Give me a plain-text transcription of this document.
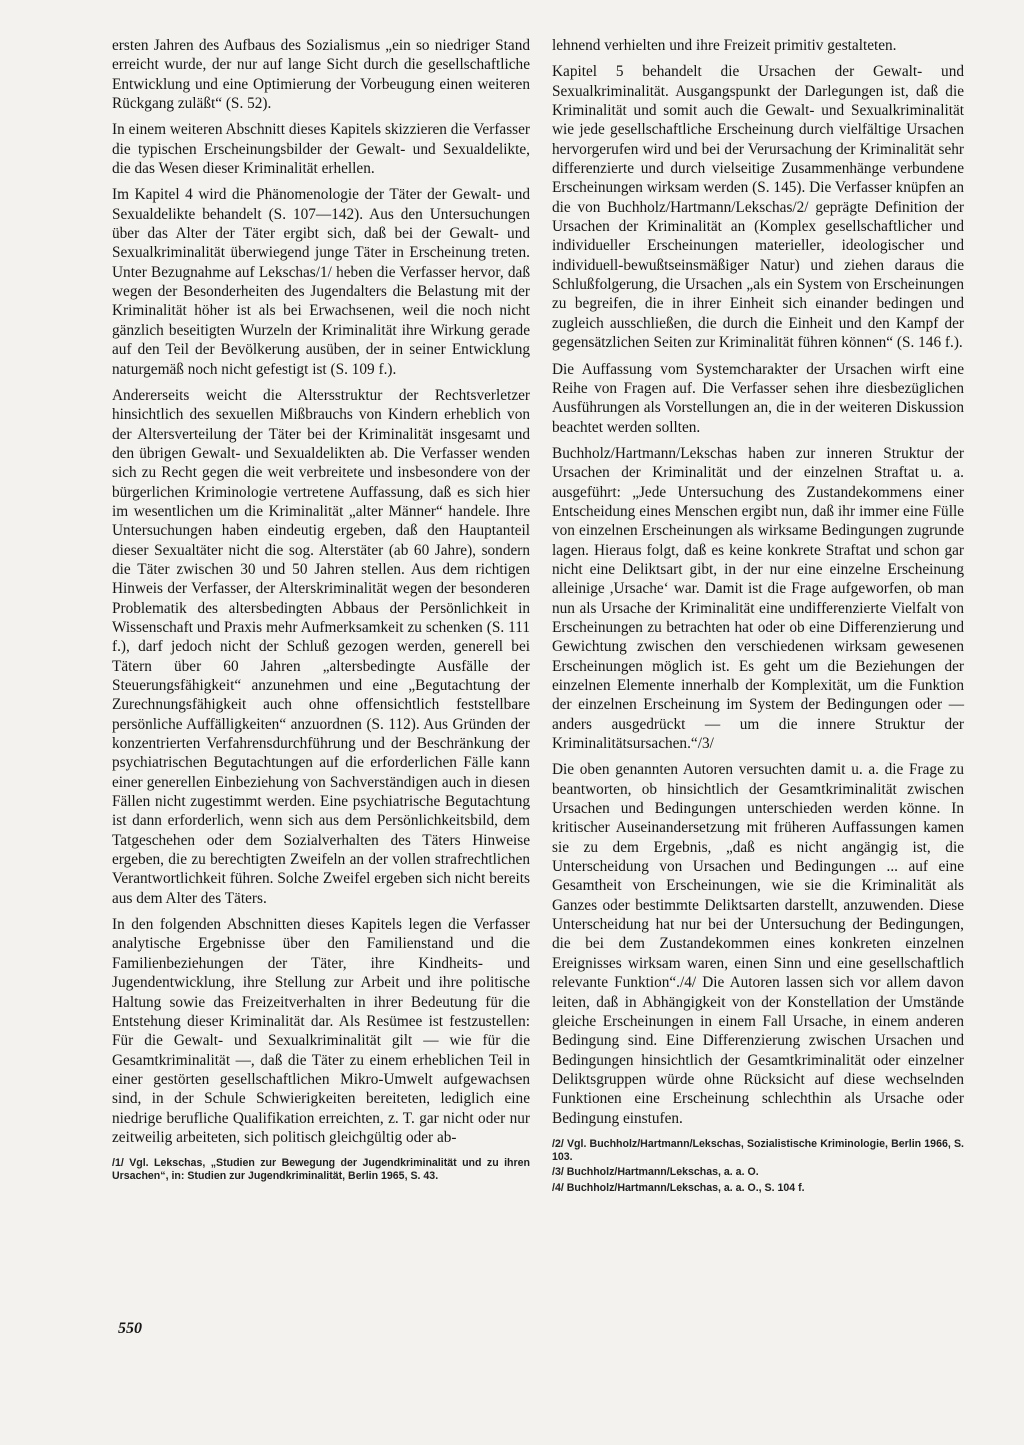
ersten Jahren des Aufbaus des Sozialismus „ein so niedriger Stand erreicht wurde, der nur auf lange Sicht durch die gesellschaftliche Entwicklung und eine Optimierung der Vorbeugung einen weiteren Rückgang zuläßt“ (S. 52).

In einem weiteren Abschnitt dieses Kapitels skizzieren die Verfasser die typischen Erscheinungsbilder der Gewalt- und Sexualdelikte, die das Wesen dieser Kriminalität erhellen.

Im Kapitel 4 wird die Phänomenologie der Täter der Gewalt- und Sexualdelikte behandelt (S. 107—142). Aus den Untersuchungen über das Alter der Täter ergibt sich, daß bei der Gewalt- und Sexualkriminalität überwiegend junge Täter in Erscheinung treten. Unter Bezugnahme auf Lekschas/1/ heben die Verfasser hervor, daß wegen der Besonderheiten des Jugendalters die Belastung mit der Kriminalität höher ist als bei Erwachsenen, weil die noch nicht gänzlich beseitigten Wurzeln der Kriminalität ihre Wirkung gerade auf den Teil der Bevölkerung ausüben, der in seiner Entwicklung naturgemäß noch nicht gefestigt ist (S. 109 f.).

Andererseits weicht die Altersstruktur der Rechtsverletzer hinsichtlich des sexuellen Mißbrauchs von Kindern erheblich von der Altersverteilung der Täter bei der Kriminalität insgesamt und den übrigen Gewalt- und Sexualdelikten ab. Die Verfasser wenden sich zu Recht gegen die weit verbreitete und insbesondere von der bürgerlichen Kriminologie vertretene Auffassung, daß es sich hier im wesentlichen um die Kriminalität „alter Männer“ handele. Ihre Untersuchungen haben eindeutig ergeben, daß den Hauptanteil dieser Sexualtäter nicht die sog. Alterstäter (ab 60 Jahre), sondern die Täter zwischen 30 und 50 Jahren stellen. Aus dem richtigen Hinweis der Verfasser, der Alterskriminalität wegen der besonderen Problematik des altersbedingten Abbaus der Persönlichkeit in Wissenschaft und Praxis mehr Aufmerksamkeit zu schenken (S. 111 f.), darf jedoch nicht der Schluß gezogen werden, generell bei Tätern über 60 Jahren „altersbedingte Ausfälle der Steuerungsfähigkeit“ anzunehmen und eine „Begutachtung der Zurechnungsfähigkeit auch ohne offensichtlich feststellbare persönliche Auffälligkeiten“ anzuordnen (S. 112). Aus Gründen der konzentrierten Verfahrensdurchführung und der Beschränkung der psychiatrischen Begutachtungen auf die erforderlichen Fälle kann einer generellen Einbeziehung von Sachverständigen auch in diesen Fällen nicht zugestimmt werden. Eine psychiatrische Begutachtung ist dann erforderlich, wenn sich aus dem Persönlichkeitsbild, dem Tatgeschehen oder dem Sozialverhalten des Täters Hinweise ergeben, die zu berechtigten Zweifeln an der vollen strafrechtlichen Verantwortlichkeit führen. Solche Zweifel ergeben sich nicht bereits aus dem Alter des Täters.

In den folgenden Abschnitten dieses Kapitels legen die Verfasser analytische Ergebnisse über den Familienstand und die Familienbeziehungen der Täter, ihre Kindheits- und Jugendentwicklung, ihre Stellung zur Arbeit und ihre politische Haltung sowie das Freizeitverhalten in ihrer Bedeutung für die Entstehung dieser Kriminalität dar. Als Resümee ist festzustellen: Für die Gewalt- und Sexualkriminalität gilt — wie für die Gesamtkriminalität —, daß die Täter zu einem erheblichen Teil in einer gestörten gesellschaftlichen Mikro-Umwelt aufgewachsen sind, in der Schule Schwierigkeiten bereiteten, lediglich eine niedrige berufliche Qualifikation erreichten, z. T. gar nicht oder nur zeitweilig arbeiteten, sich politisch gleichgültig oder ab-

/1/ Vgl. Lekschas, „Studien zur Bewegung der Jugendkriminalität und zu ihren Ursachen“, in: Studien zur Jugendkriminalität, Berlin 1965, S. 43.

lehnend verhielten und ihre Freizeit primitiv gestalteten.

Kapitel 5 behandelt die Ursachen der Gewalt- und Sexualkriminalität. Ausgangspunkt der Darlegungen ist, daß die Kriminalität und somit auch die Gewalt- und Sexualkriminalität wie jede gesellschaftliche Erscheinung durch vielfältige Ursachen hervorgerufen wird und bei der Verursachung der Kriminalität sehr differenzierte und durch vielseitige Zusammenhänge verbundene Erscheinungen wirksam werden (S. 145). Die Verfasser knüpfen an die von Buchholz/Hartmann/Lekschas/2/ geprägte Definition der Ursachen der Kriminalität an (Komplex gesellschaftlicher und individueller Erscheinungen materieller, ideologischer und individuell-bewußtseinsmäßiger Natur) und ziehen daraus die Schlußfolgerung, die Ursachen „als ein System von Erscheinungen zu begreifen, die in ihrer Einheit sich einander bedingen und zugleich ausschließen, die durch die Einheit und den Kampf der gegensätzlichen Seiten zur Kriminalität führen können“ (S. 146 f.).

Die Auffassung vom Systemcharakter der Ursachen wirft eine Reihe von Fragen auf. Die Verfasser sehen ihre diesbezüglichen Ausführungen als Vorstellungen an, die in der weiteren Diskussion beachtet werden sollten.

Buchholz/Hartmann/Lekschas haben zur inneren Struktur der Ursachen der Kriminalität und der einzelnen Straftat u. a. ausgeführt: „Jede Untersuchung des Zustandekommens einer Entscheidung eines Menschen ergibt nun, daß ihr immer eine Fülle von einzelnen Erscheinungen als wirksame Bedingungen zugrunde lagen. Hieraus folgt, daß es keine konkrete Straftat und schon gar nicht eine Deliktsart gibt, in der nur eine einzelne Erscheinung alleinige ,Ursache‘ war. Damit ist die Frage aufgeworfen, ob man nun als Ursache der Kriminalität eine undifferenzierte Vielfalt von Erscheinungen zu betrachten hat oder ob eine Differenzierung und Gewichtung zwischen den verschiedenen wirksam gewesenen Erscheinungen möglich ist. Es geht um die Beziehungen der einzelnen Elemente innerhalb der Komplexität, um die Funktion der einzelnen Erscheinung im System der Bedingungen oder — anders ausgedrückt — um die innere Struktur der Kriminalitätsursachen.“/3/

Die oben genannten Autoren versuchten damit u. a. die Frage zu beantworten, ob hinsichtlich der Gesamtkriminalität zwischen Ursachen und Bedingungen unterschieden werden könne. In kritischer Auseinandersetzung mit früheren Auffassungen kamen sie zu dem Ergebnis, „daß es nicht angängig ist, die Unterscheidung von Ursachen und Bedingungen ... auf eine Gesamtheit von Erscheinungen, wie sie die Kriminalität als Ganzes oder bestimmte Deliktsarten darstellt, anzuwenden. Diese Unterscheidung hat nur bei der Untersuchung der Bedingungen, die bei dem Zustandekommen eines konkreten einzelnen Ereignisses wirksam waren, einen Sinn und eine gesellschaftlich relevante Funktion“./4/ Die Autoren lassen sich vor allem davon leiten, daß in Abhängigkeit von der Konstellation der Umstände gleiche Erscheinungen in einem Fall Ursache, in einem anderen Bedingung sind. Eine Differenzierung zwischen Ursachen und Bedingungen hinsichtlich der Gesamtkriminalität oder einzelner Deliktsgruppen würde ohne Rücksicht auf diese wechselnden Funktionen eine Erscheinung schlechthin als Ursache oder Bedingung einstufen.

/2/ Vgl. Buchholz/Hartmann/Lekschas, Sozialistische Kriminologie, Berlin 1966, S. 103.

/3/ Buchholz/Hartmann/Lekschas, a. a. O.

/4/ Buchholz/Hartmann/Lekschas, a. a. O., S. 104 f.

550
